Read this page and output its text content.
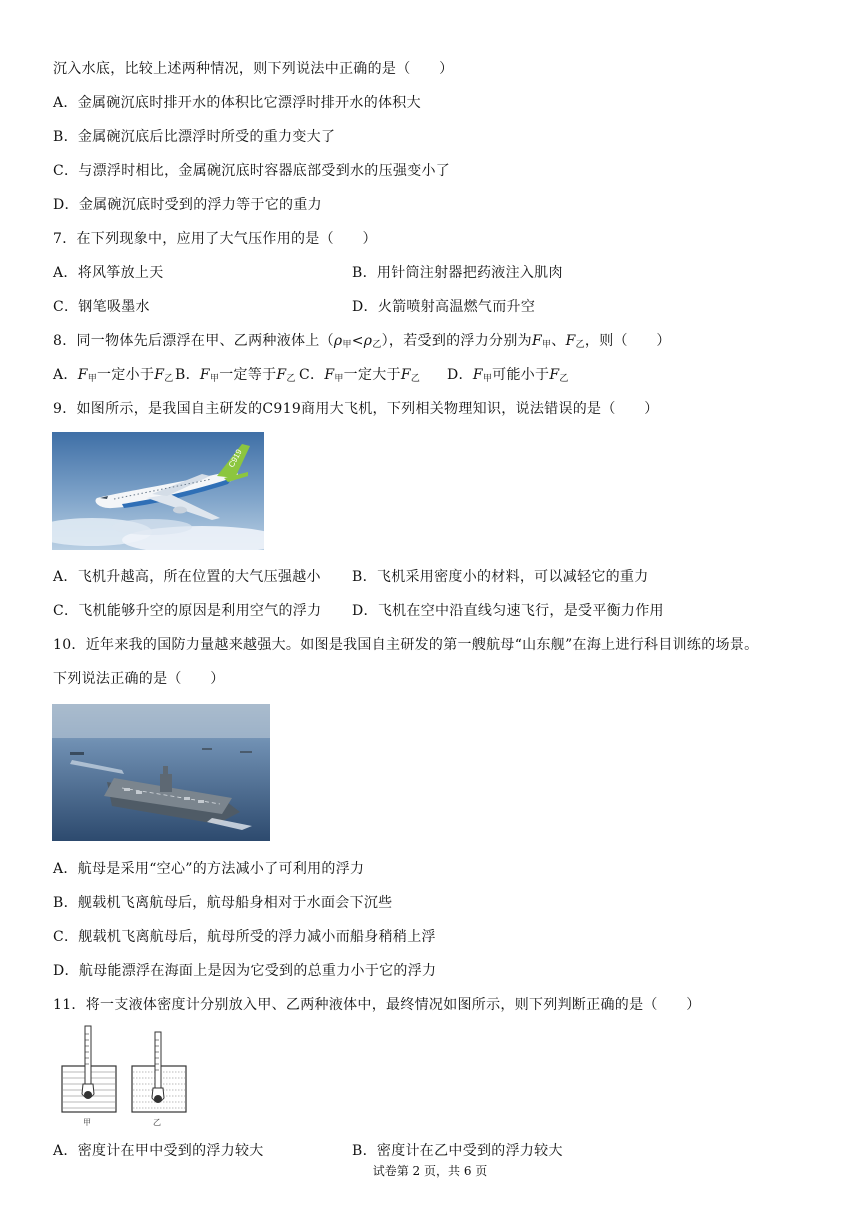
沉入水底，比较上述两种情况，则下列说法中正确的是（　　）
A．金属碗沉底时排开水的体积比它漂浮时排开水的体积大
B．金属碗沉底后比漂浮时所受的重力变大了
C．与漂浮时相比，金属碗沉底时容器底部受到水的压强变小了
D．金属碗沉底时受到的浮力等于它的重力
7．在下列现象中，应用了大气压作用的是（　　）
A．将风筝放上天	B．用针筒注射器把药液注入肌肉
C．钢笔吸墨水	D．火箭喷射高温燃气而升空
8．同一物体先后漂浮在甲、乙两种液体上$(\rho_甲<\rho_乙)$，若受到的浮力分别为$F_甲$、$F_乙$，则（　　）
A．$F_甲$一定小于$F_乙B$．$F_甲$一定等于$F_乙$ C．$F_甲$一定大于$F_乙$ D．$F_甲$可能小于$F_乙$
9．如图所示，是我国自主研发的C919商用大飞机，下列相关物理知识，说法错误的是（　　）
C919
A．飞机升越高，所在位置的大气压强越小 B．飞机采用密度小的材料，可以减轻它的重力
C．飞机能够升空的原因是利用空气的浮力 D．飞机在空中沿直线匀速飞行，是受平衡力作用
10．近年来我的国防力量越来越强大。如图是我国自主研发的第一艘航母“山东舰”在海上进行科目训练的场景。
下列说法正确的是（　　）
A．航母是采用“空心”的方法减小了可利用的浮力
B．舰载机飞离航母后，航母船身相对于水面会下沉些
C．舰载机飞离航母后，航母所受的浮力减小而船身稍稍上浮
D．航母能漂浮在海面上是因为它受到的总重力小于它的浮力
11．将一支液体密度计分别放入甲、乙两种液体中，最终情况如图所示，则下列判断正确的是（　　）
甲	乙
A．密度计在甲中受到的浮力较大	B．密度计在乙中受到的浮力较大
试卷第 2 页，共 6 页
